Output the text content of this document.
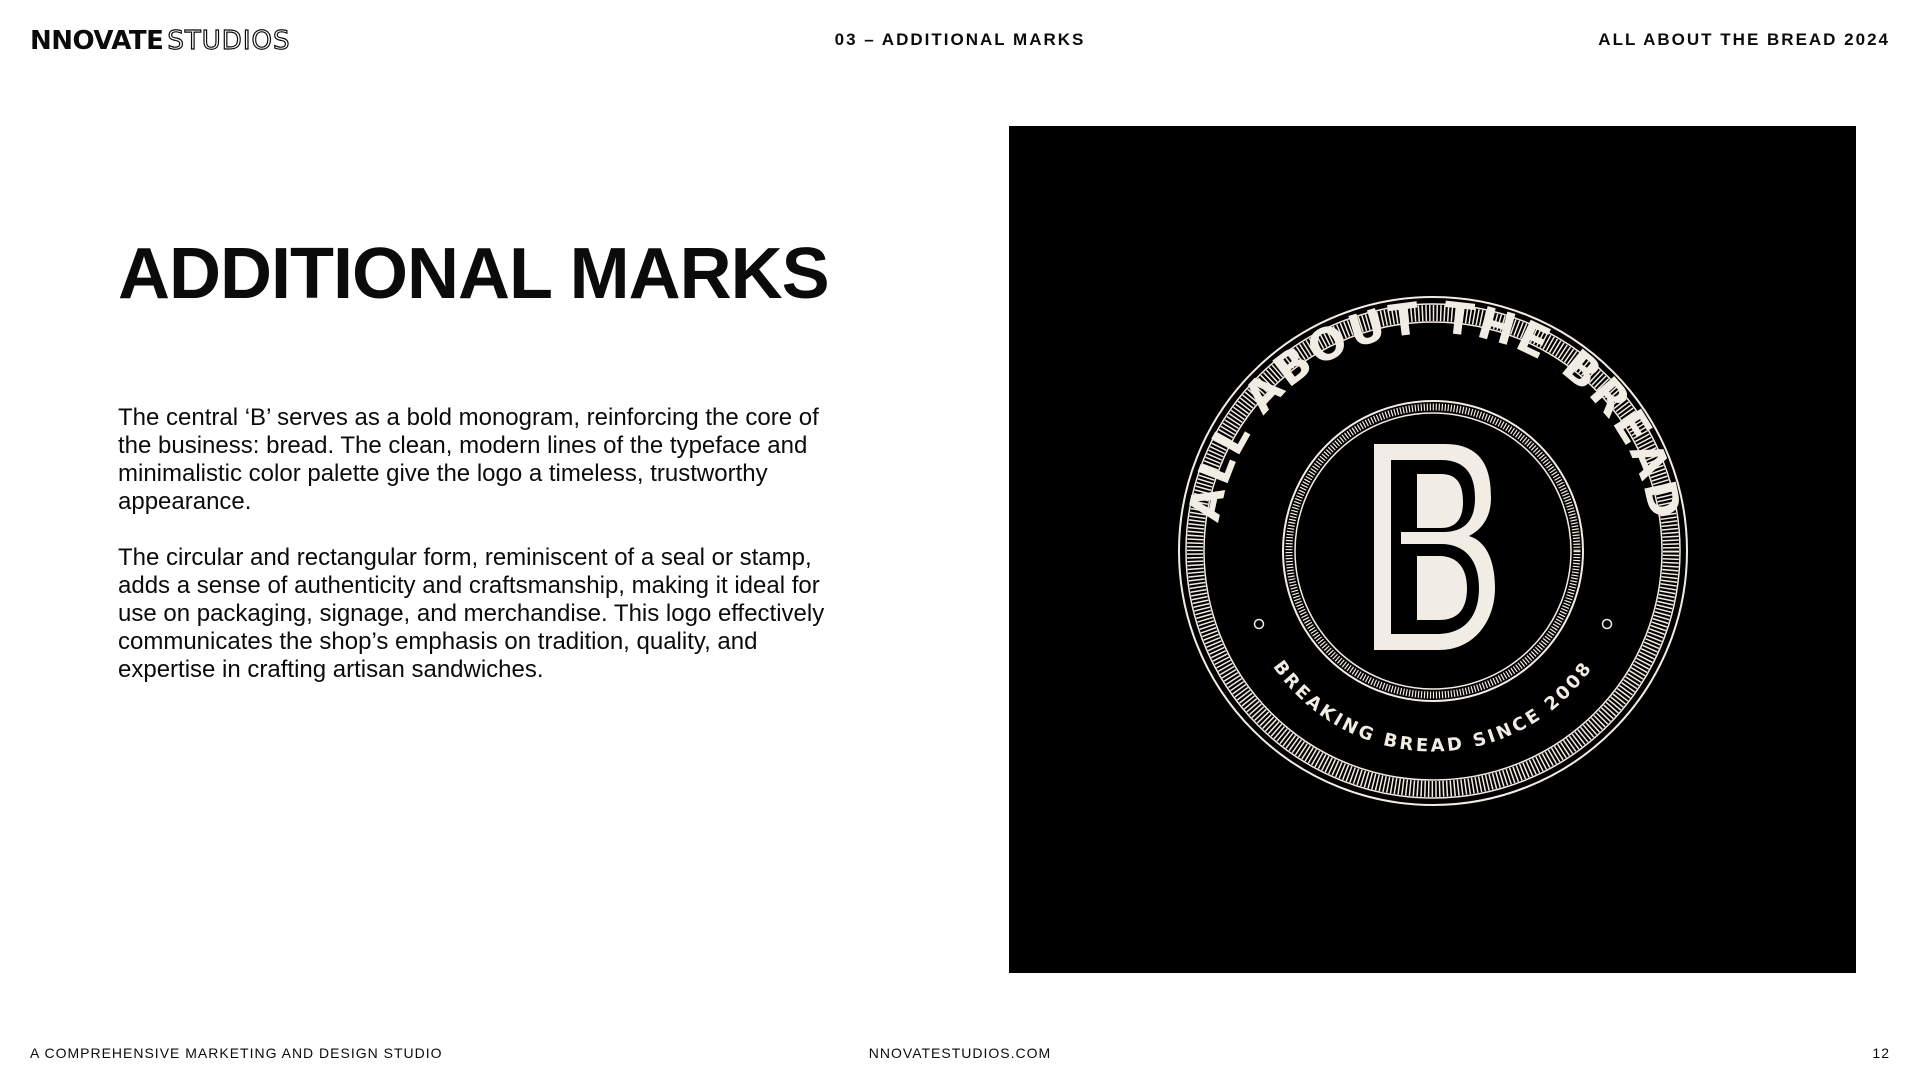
NNOVATE STUDIOS	03 – ADDITIONAL MARKS	ALL ABOUT THE BREAD 2024
ADDITIONAL MARKS

The central ‘B’ serves as a bold monogram, reinforcing the core of the business: bread. The clean, modern lines of the typeface and minimalistic color palette give the logo a timeless, trustworthy appearance.

The circular and rectangular form, reminiscent of a seal or stamp, adds a sense of authenticity and craftsmanship, making it ideal for use on packaging, signage, and merchandise. This logo effectively communicates the shop’s emphasis on tradition, quality, and expertise in crafting artisan sandwiches.

ALL ABOUT THE BREAD
BREAKING BREAD SINCE 2008
A COMPREHENSIVE MARKETING AND DESIGN STUDIO	NNOVATESTUDIOS.COM	12
